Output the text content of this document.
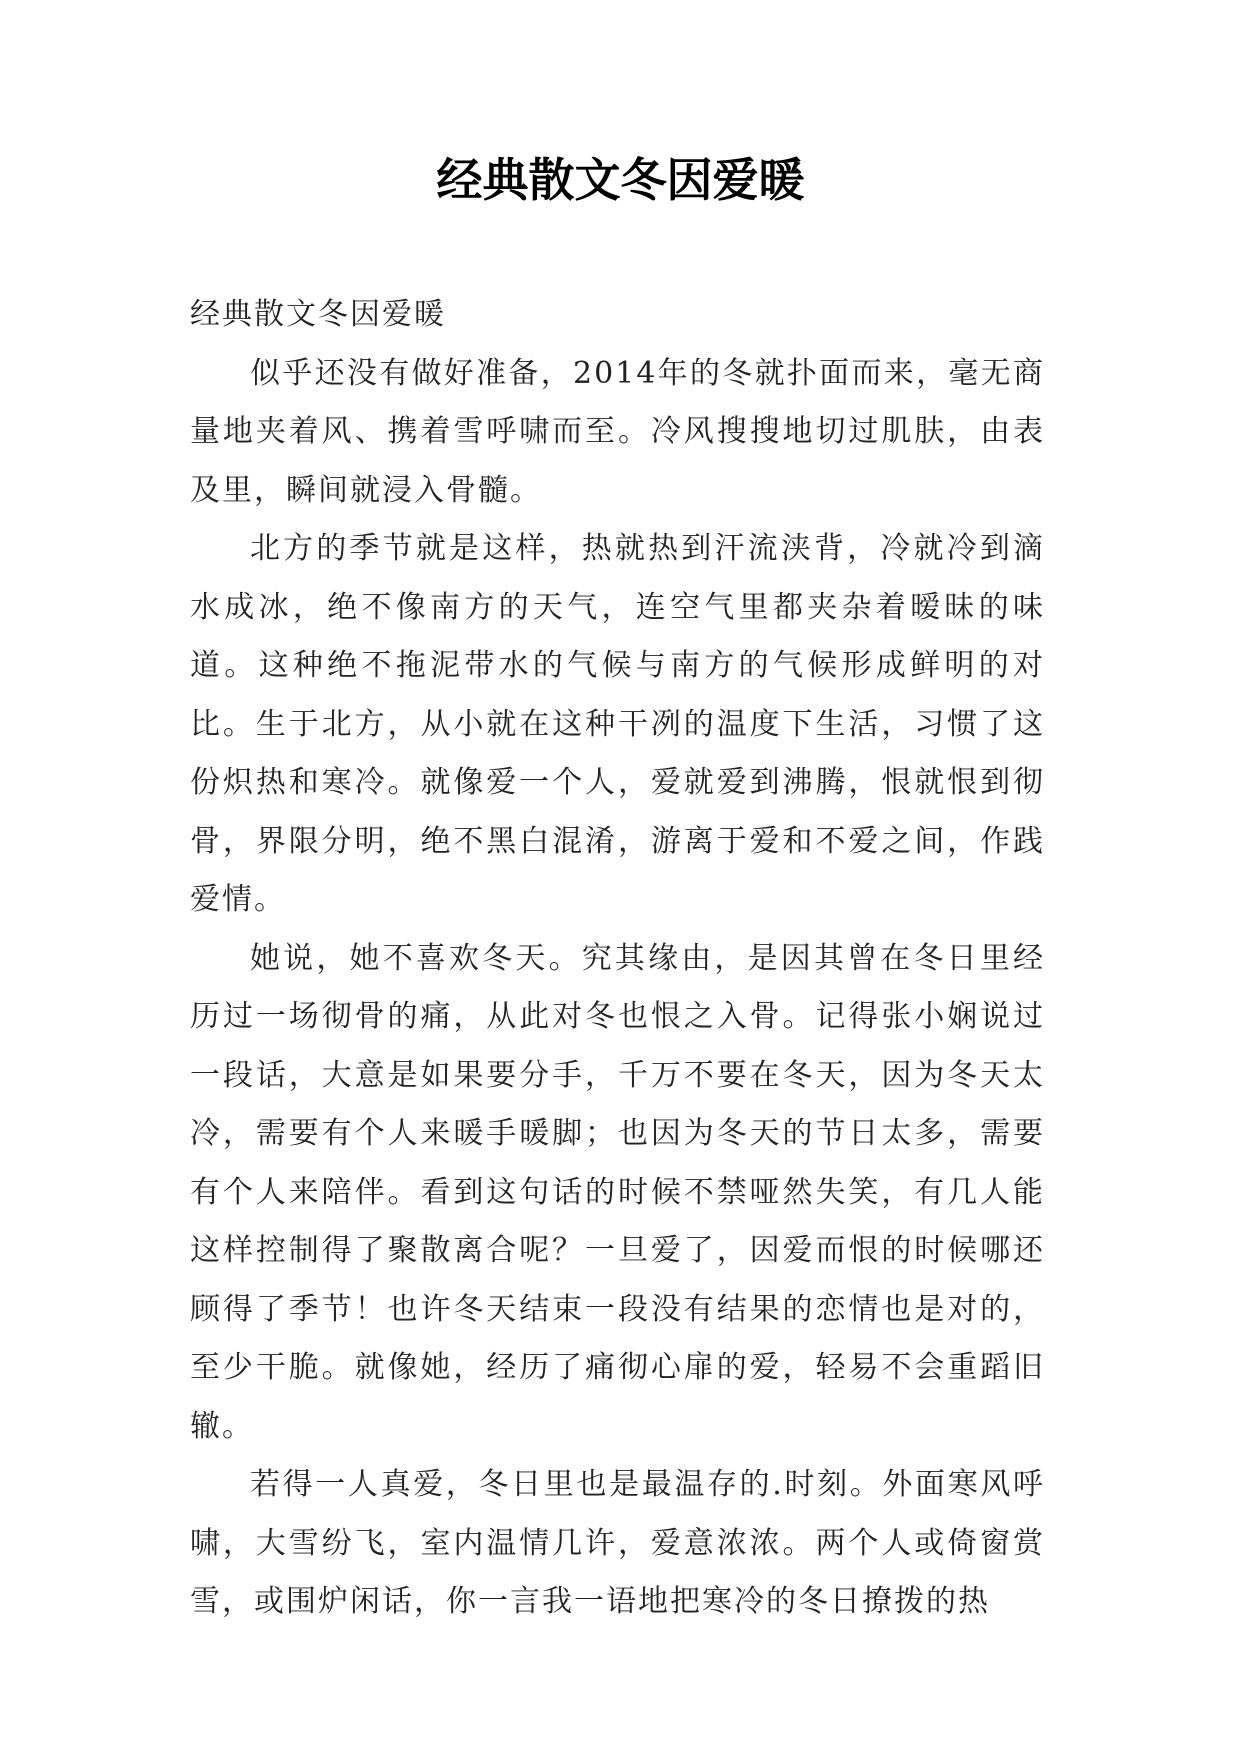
经典散文冬因爱暖

经典散文冬因爱暖

似乎还没有做好准备，2014年的冬就扑面而来，毫无商量地夹着风、携着雪呼啸而至。冷风搜搜地切过肌肤，由表及里，瞬间就浸入骨髓。

北方的季节就是这样，热就热到汗流浃背，冷就冷到滴水成冰，绝不像南方的天气，连空气里都夹杂着暧昧的味道。这种绝不拖泥带水的气候与南方的气候形成鲜明的对比。生于北方，从小就在这种干冽的温度下生活，习惯了这份炽热和寒冷。就像爱一个人，爱就爱到沸腾，恨就恨到彻骨，界限分明，绝不黑白混淆，游离于爱和不爱之间，作践爱情。

她说，她不喜欢冬天。究其缘由，是因其曾在冬日里经历过一场彻骨的痛，从此对冬也恨之入骨。记得张小娴说过一段话，大意是如果要分手，千万不要在冬天，因为冬天太冷，需要有个人来暖手暖脚；也因为冬天的节日太多，需要有个人来陪伴。看到这句话的时候不禁哑然失笑，有几人能这样控制得了聚散离合呢？一旦爱了，因爱而恨的时候哪还顾得了季节！也许冬天结束一段没有结果的恋情也是对的，至少干脆。就像她，经历了痛彻心扉的爱，轻易不会重蹈旧辙。

若得一人真爱，冬日里也是最温存的.时刻。外面寒风呼啸，大雪纷飞，室内温情几许，爱意浓浓。两个人或倚窗赏雪，或围炉闲话，你一言我一语地把寒冷的冬日撩拨的热
